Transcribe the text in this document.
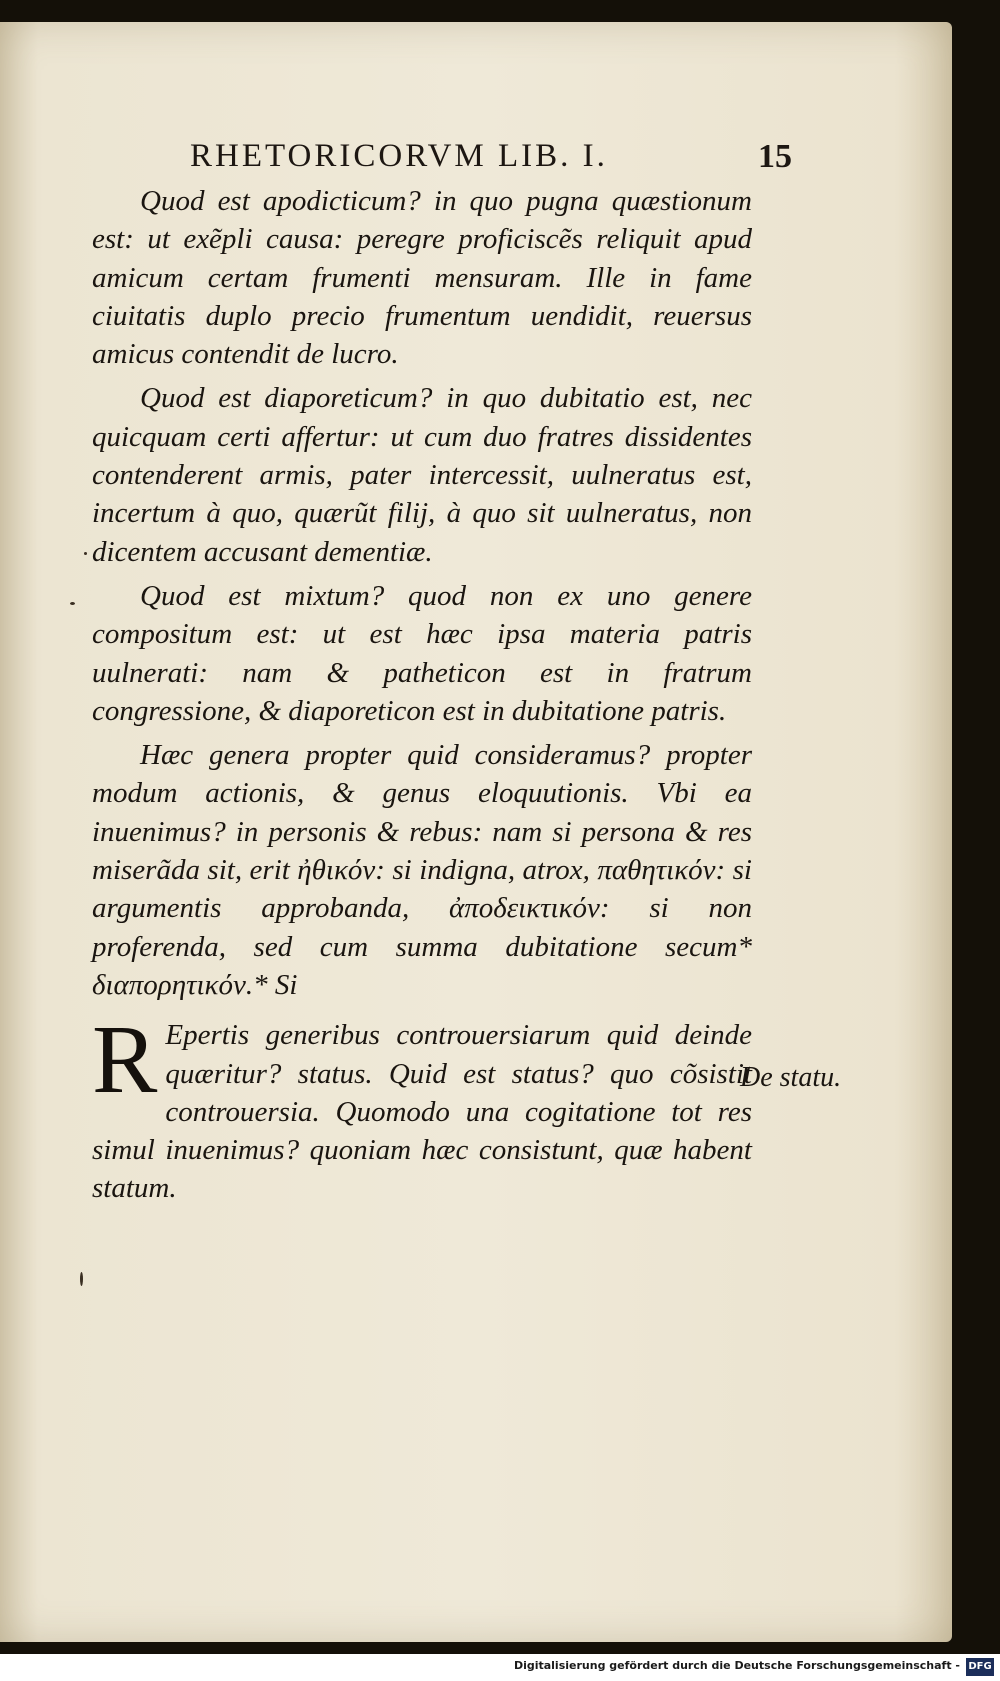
RHETORICORVM LIB. I.	15

Quod est apodicticum? in quo pugna quæstionum est: ut exẽpli causa: peregre proficiscẽs reliquit apud amicum certam frumenti mensuram. Ille in fame ciuitatis duplo precio frumentum uendidit, reuersus amicus contendit de lucro.

Quod est diaporeticum? in quo dubitatio est, nec quicquam certi affertur: ut cum duo fratres dissidentes contenderent armis, pater intercessit, uulneratus est, incertum à quo, quærũt filij, à quo sit uulneratus, non dicentem accusant dementiæ.

Quod est mixtum? quod non ex uno genere compositum est: ut est hæc ipsa materia patris uulnerati: nam & patheticon est in fratrum congressione, & diaporeticon est in dubitatione patris.

Hæc genera propter quid consideramus? propter modum actionis, & genus eloquutionis. Vbi ea inuenimus? in personis & rebus: nam si persona & res miserãda sit, erit ἠθικόν: si indigna, atrox, παθητικόν: si argumentis approbanda, ἀποδεικτικόν: si non proferenda, sed cum summa dubitatione secum* διαπορητικόν.* Si

R Epertis generibus controuersiarum quid deinde quæritur? status. Quid est status? quo cõsistit controuersia. Quomodo una cogitatione tot res simul inuenimus? quoniam hæc consistunt, quæ habent statum.

De statu.
Digitalisierung gefördert durch die Deutsche Forschungsgemeinschaft - DFG
